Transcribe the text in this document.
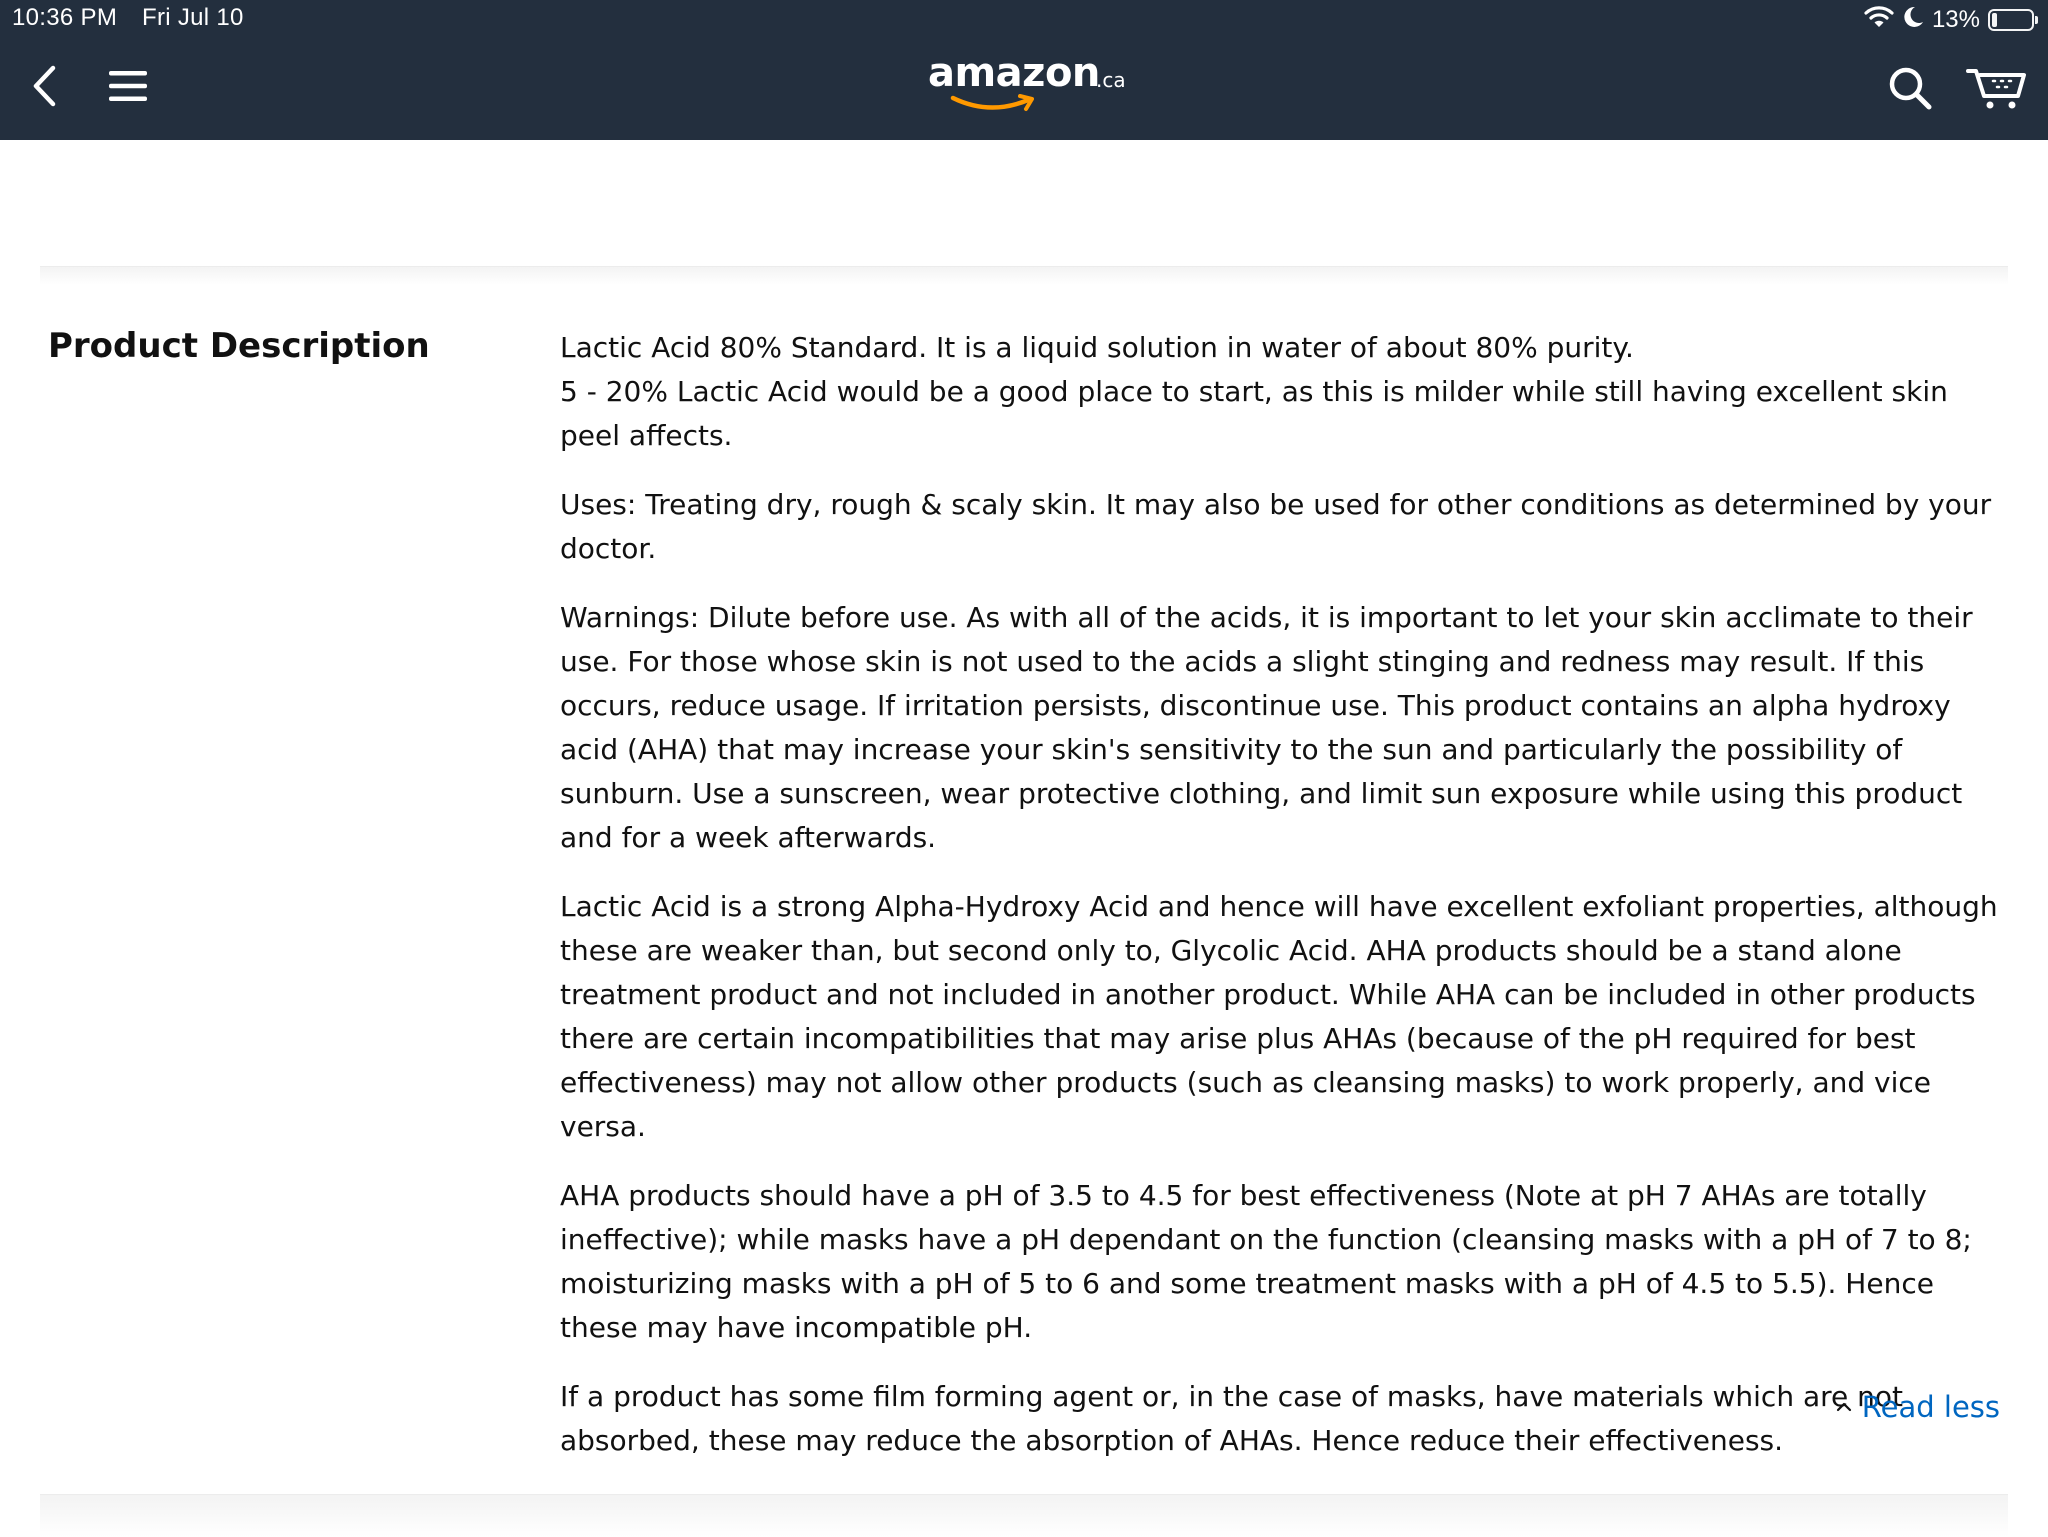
10:36 PM Fri Jul 10	13%
amazon
.ca
Product Description	Lactic Acid 80% Standard. It is a liquid solution in water of about 80% purity.
5 - 20% Lactic Acid would be a good place to start, as this is milder while still having excellent skin peel affects.

Uses: Treating dry, rough & scaly skin. It may also be used for other conditions as determined by your doctor.

Warnings: Dilute before use. As with all of the acids, it is important to let your skin acclimate to their use. For those whose skin is not used to the acids a slight stinging and redness may result. If this occurs, reduce usage. If irritation persists, discontinue use. This product contains an alpha hydroxy acid (AHA) that may increase your skin's sensitivity to the sun and particularly the possibility of sunburn. Use a sunscreen, wear protective clothing, and limit sun exposure while using this product and for a week afterwards.

Lactic Acid is a strong Alpha-Hydroxy Acid and hence will have excellent exfoliant properties, although these are weaker than, but second only to, Glycolic Acid. AHA products should be a stand alone treatment product and not included in another product. While AHA can be included in other products there are certain incompatibilities that may arise plus AHAs (because of the pH required for best effectiveness) may not allow other products (such as cleansing masks) to work properly, and vice versa.

AHA products should have a pH of 3.5 to 4.5 for best effectiveness (Note at pH 7 AHAs are totally ineffective); while masks have a pH dependant on the function (cleansing masks with a pH of 7 to 8; moisturizing masks with a pH of 5 to 6 and some treatment masks with a pH of 4.5 to 5.5). Hence these may have incompatible pH.

If a product has some film forming agent or, in the case of masks, have materials which are not absorbed, these may reduce the absorption of AHAs. Hence reduce their effectiveness.

Read less
